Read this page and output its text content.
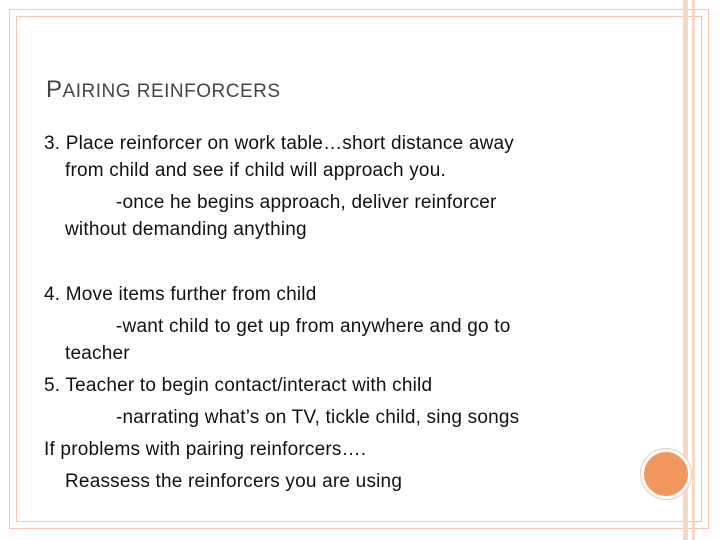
PAIRING REINFORCERS
3. Place reinforcer on work table…short distance away
from child and see if child will approach you.
-once he begins approach, deliver reinforcer
without demanding anything
4. Move items further from child
-want child to get up from anywhere and go to
teacher
5. Teacher to begin contact/interact with child
-narrating what’s on TV, tickle child, sing songs
If problems with pairing reinforcers….
Reassess the reinforcers you are using
